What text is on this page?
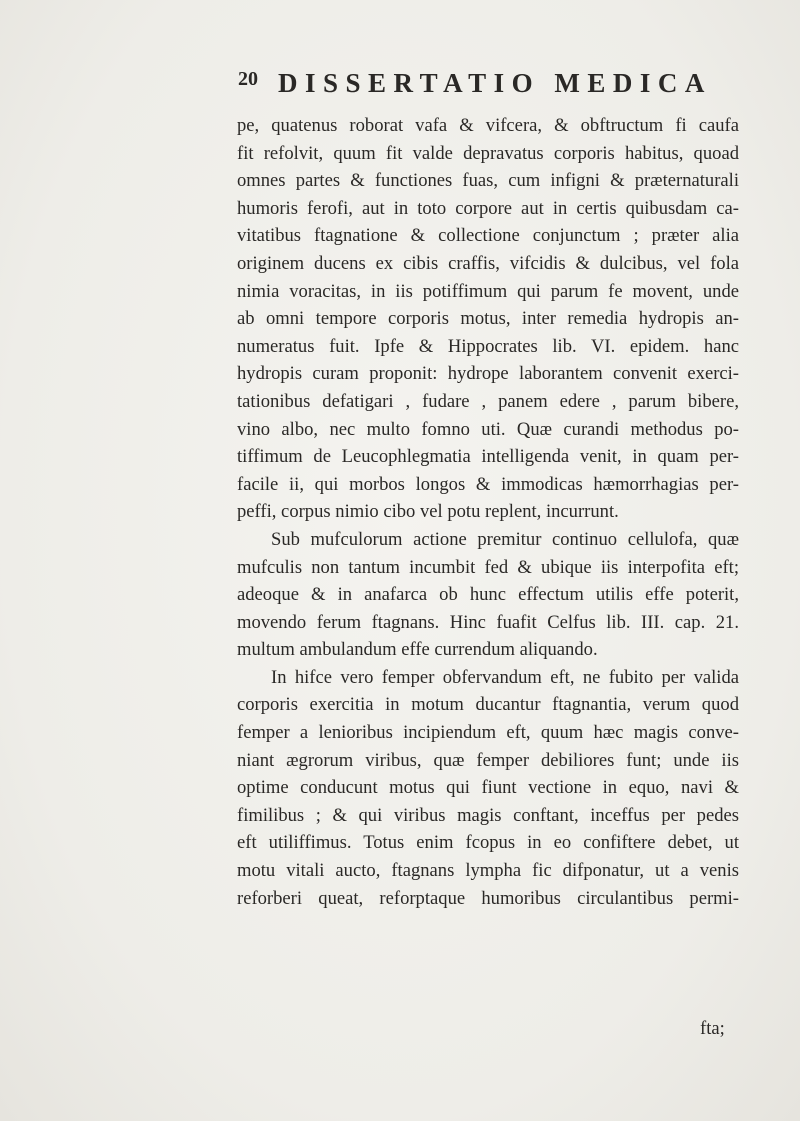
20 DISSERTATIO MEDICA
pe, quatenus roborat vafa & vifcera, & obftructum fi caufa
fit refolvit, quum fit valde depravatus corporis habitus, quoad
omnes partes & functiones fuas, cum infigni & præternaturali
humoris ferofi, aut in toto corpore aut in certis quibusdam ca-
vitatibus ftagnatione & collectione conjunctum ; præter alia
originem ducens ex cibis craffis, vifcidis & dulcibus, vel fola
nimia voracitas, in iis potiffimum qui parum fe movent, unde
ab omni tempore corporis motus, inter remedia hydropis an-
numeratus fuit. Ipfe & Hippocrates lib. VI. epidem. hanc
hydropis curam proponit: hydrope laborantem convenit exerci-
tationibus defatigari , fudare , panem edere , parum bibere,
vino albo, nec multo fomno uti. Quæ curandi methodus po-
tiffimum de Leucophlegmatia intelligenda venit, in quam per-
facile ii, qui morbos longos & immodicas hæmorrhagias per-
peffi, corpus nimio cibo vel potu replent, incurrunt.
Sub mufculorum actione premitur continuo cellulofa, quæ
mufculis non tantum incumbit fed & ubique iis interpofita eft;
adeoque & in anafarca ob hunc effectum utilis effe poterit,
movendo ferum ftagnans. Hinc fuafit Celfus lib. III. cap. 21.
multum ambulandum effe currendum aliquando.
In hifce vero femper obfervandum eft, ne fubito per valida
corporis exercitia in motum ducantur ftagnantia, verum quod
femper a lenioribus incipiendum eft, quum hæc magis conve-
niant ægrorum viribus, quæ femper debiliores funt; unde iis
optime conducunt motus qui fiunt vectione in equo, navi &
fimilibus ; & qui viribus magis conftant, inceffus per pedes
eft utiliffimus. Totus enim fcopus in eo confiftere debet, ut
motu vitali aucto, ftagnans lympha fic difponatur, ut a venis
reforberi queat, reforptaque humoribus circulantibus permi-
fta;
